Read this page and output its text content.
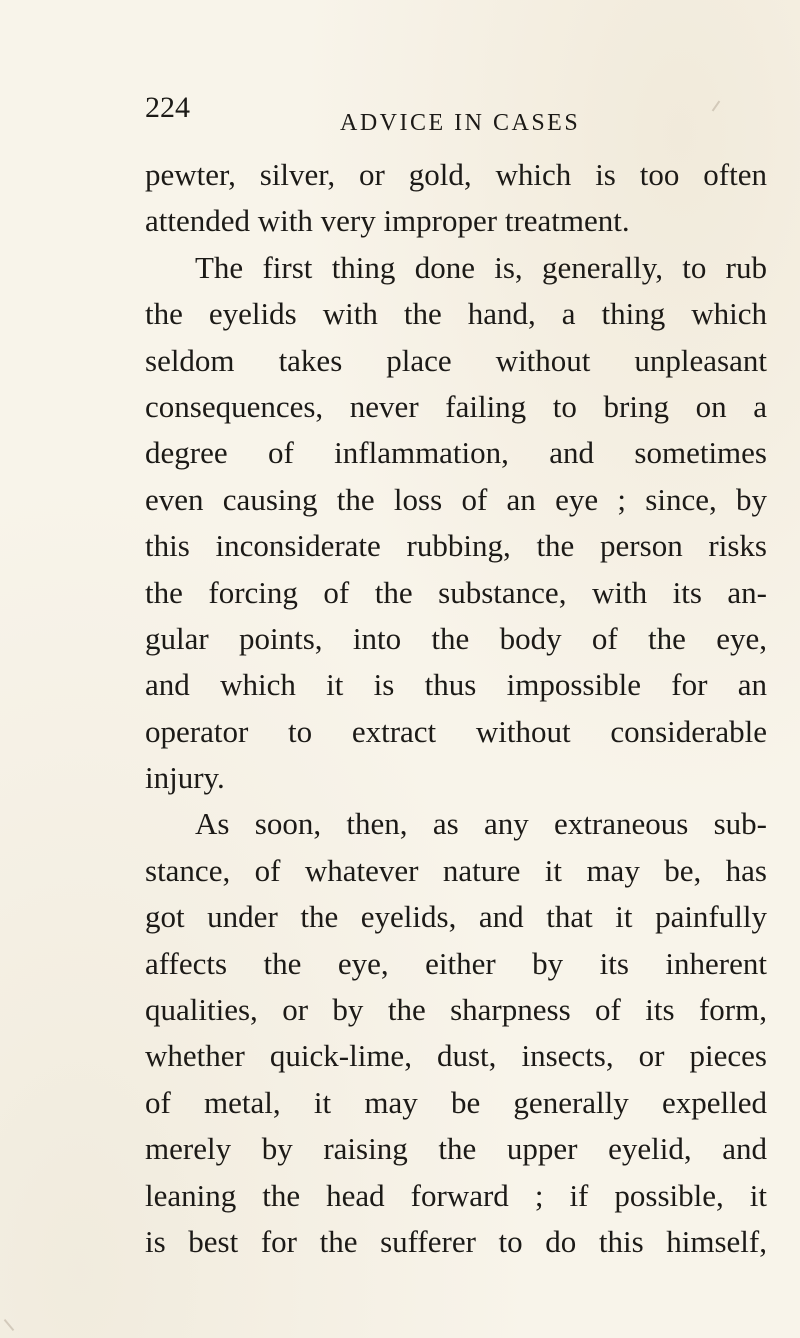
224	ADVICE IN CASES
pewter, silver, or gold, which is too often
attended with very improper treatment.
The first thing done is, generally, to rub
the eyelids with the hand, a thing which
seldom takes place without unpleasant
consequences, never failing to bring on a
degree of inflammation, and sometimes
even causing the loss of an eye ; since, by
this inconsiderate rubbing, the person risks
the forcing of the substance, with its an-
gular points, into the body of the eye,
and which it is thus impossible for an
operator to extract without considerable
injury.
As soon, then, as any extraneous sub-
stance, of whatever nature it may be, has
got under the eyelids, and that it painfully
affects the eye, either by its inherent
qualities, or by the sharpness of its form,
whether quick-lime, dust, insects, or pieces
of metal, it may be generally expelled
merely by raising the upper eyelid, and
leaning the head forward ; if possible, it
is best for the sufferer to do this himself,
